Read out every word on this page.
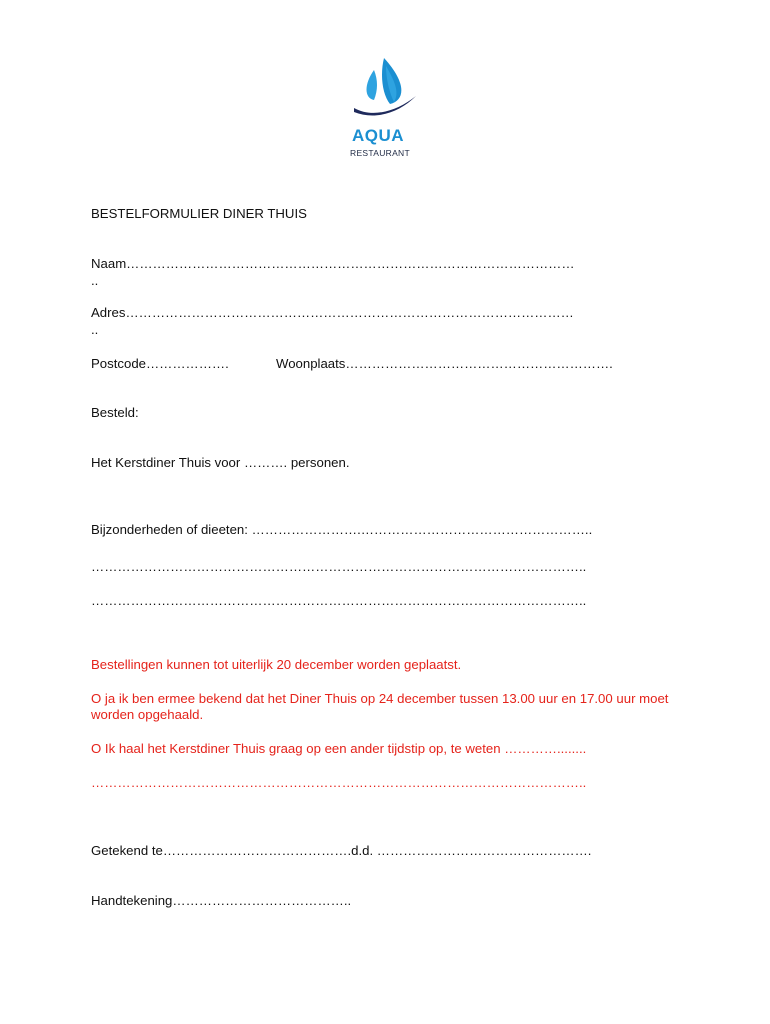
AQUA
RESTAURANT

BESTELFORMULIER DINER THUIS

Naam…………………………………………………………………………………………

..

Adres…………………………………………………………………………………………

..

Postcode……………….	Woonplaats…………………………………………………….

Besteld:

Het Kerstdiner Thuis voor ………. personen.

Bijzonderheden of dieeten: …………………….……………………………………………..

…………………………………………………………………………………………………..

…………………………………………………………………………………………………..

Bestellingen kunnen tot uiterlijk 20 december worden geplaatst.

O ja ik ben ermee bekend dat het Diner Thuis op 24 december tussen 13.00 uur en 17.00 uur moet worden opgehaald.

O Ik haal het Kerstdiner Thuis graag op een ander tijdstip op, te weten …………........

…………………………………………………………………………………………………..

Getekend te…………………………………….d.d. ………………………………………….

Handtekening…………………………………..
